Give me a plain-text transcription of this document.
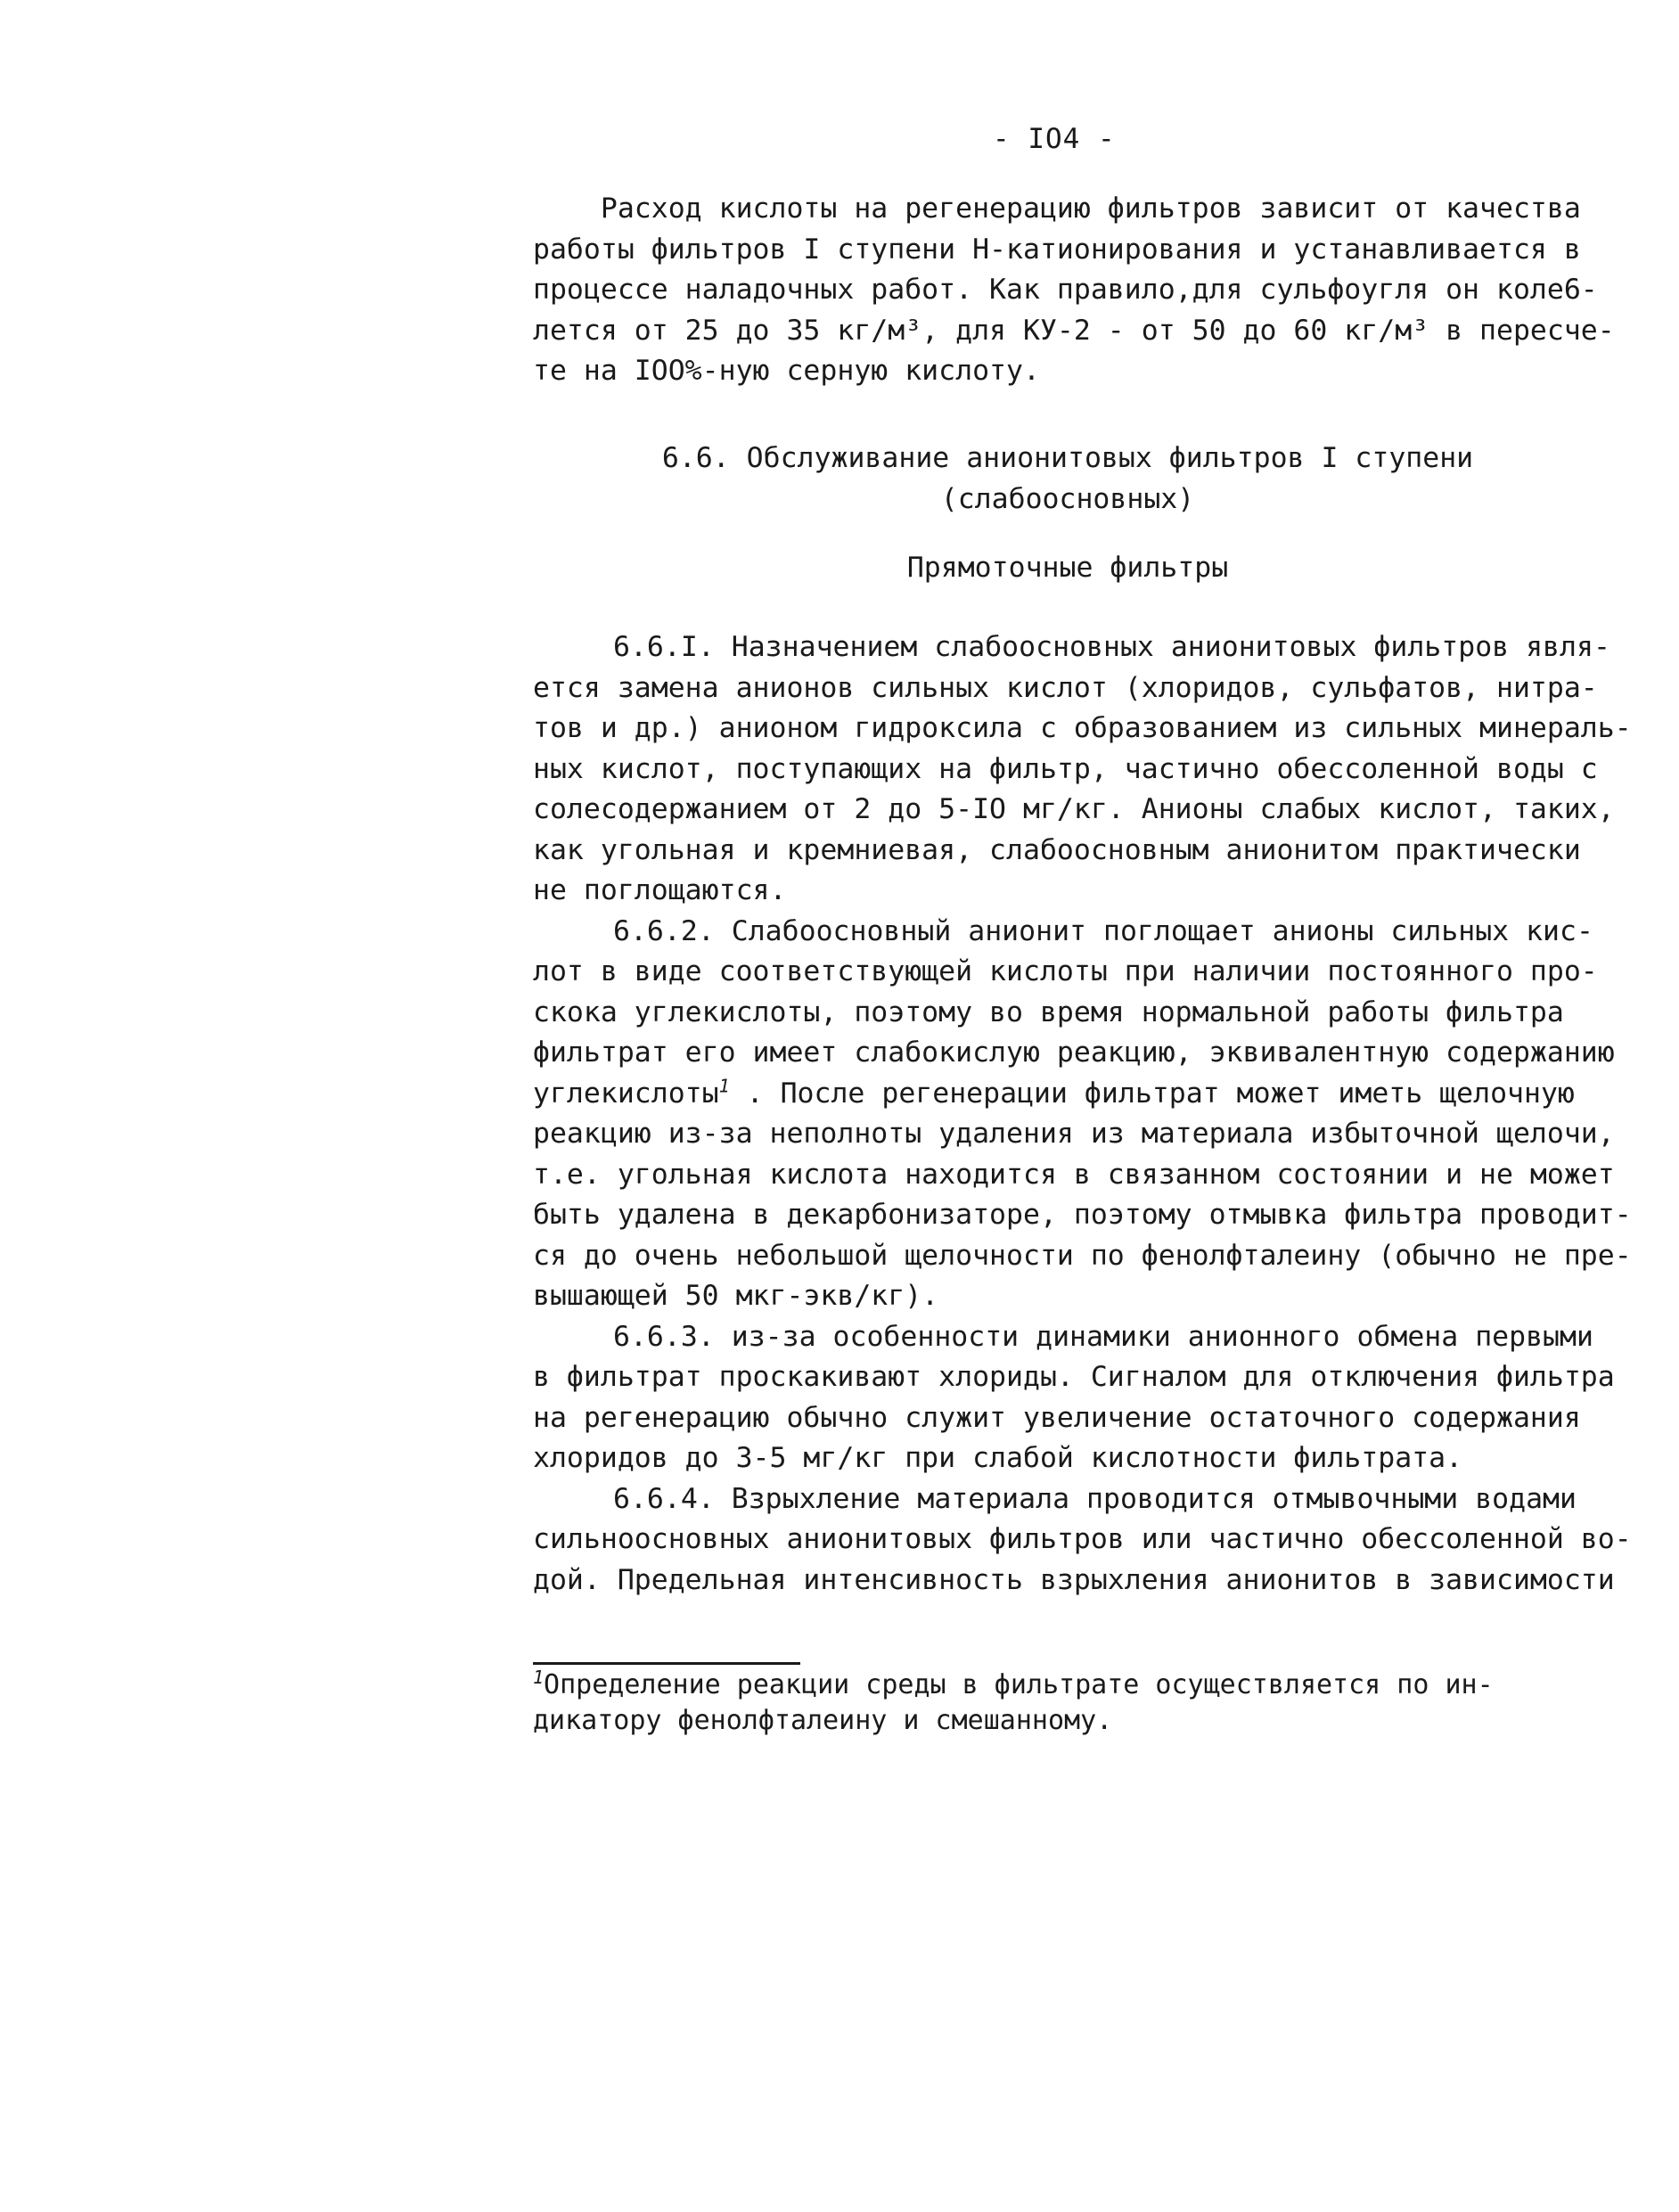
- IO4 -
Расход кислоты на регенерацию фильтров зависит от качества
работы фильтров I ступени Н-катионирования и устанавливается в
процессе наладочных работ. Как правило,для сульфоугля он коле6-
лется от 25 до 35 кг/м³, для КУ-2 - от 50 до 60 кг/м³ в пересче-
те на IOO%-ную серную кислоту.
6.6. Обслуживание анионитовых фильтров I ступени
(слабоосновных)
Прямоточные фильтры
6.6.I. Назначением слабоосновных анионитовых фильтров явля-
ется замена анионов сильных кислот (хлоридов, сульфатов, нитра-
тов и др.) анионом гидроксила с образованием из сильных минераль-
ных кислот, поступающих на фильтр, частично обессоленной воды с
солесодержанием от 2 до 5-IO мг/кг. Анионы слабых кислот, таких,
как угольная и кремниевая, слабоосновным анионитом практически
не поглощаются.
6.6.2. Слабоосновный анионит поглощает анионы сильных кис-
лот в виде соответствующей кислоты при наличии постоянного про-
скока углекислоты, поэтому во время нормальной работы фильтра
фильтрат его имеет слабокислую реакцию, эквивалентную содержанию
углекислоты$^1$ . После регенерации фильтрат может иметь щелочную
реакцию из-за неполноты удаления из материала избыточной щелочи,
т.е. угольная кислота находится в связанном состоянии и не может
быть удалена в декарбонизаторе, поэтому отмывка фильтра проводит-
ся до очень небольшой щелочности по фенолфталеину (обычно не пре-
вышающей 50 мкг-экв/кг).
6.6.3. из-за особенности динамики анионного обмена первыми
в фильтрат проскакивают хлориды. Сигналом для отключения фильтра
на регенерацию обычно служит увеличение остаточного содержания
хлоридов до 3-5 мг/кг при слабой кислотности фильтрата.
6.6.4. Взрыхление материала проводится отмывочными водами
сильноосновных анионитовых фильтров или частично обессоленной во-
дой. Предельная интенсивность взрыхления анионитов в зависимости
$^1$Определение реакции среды в фильтрате осуществляется по ин-
дикатору фенолфталеину и смешанному.
